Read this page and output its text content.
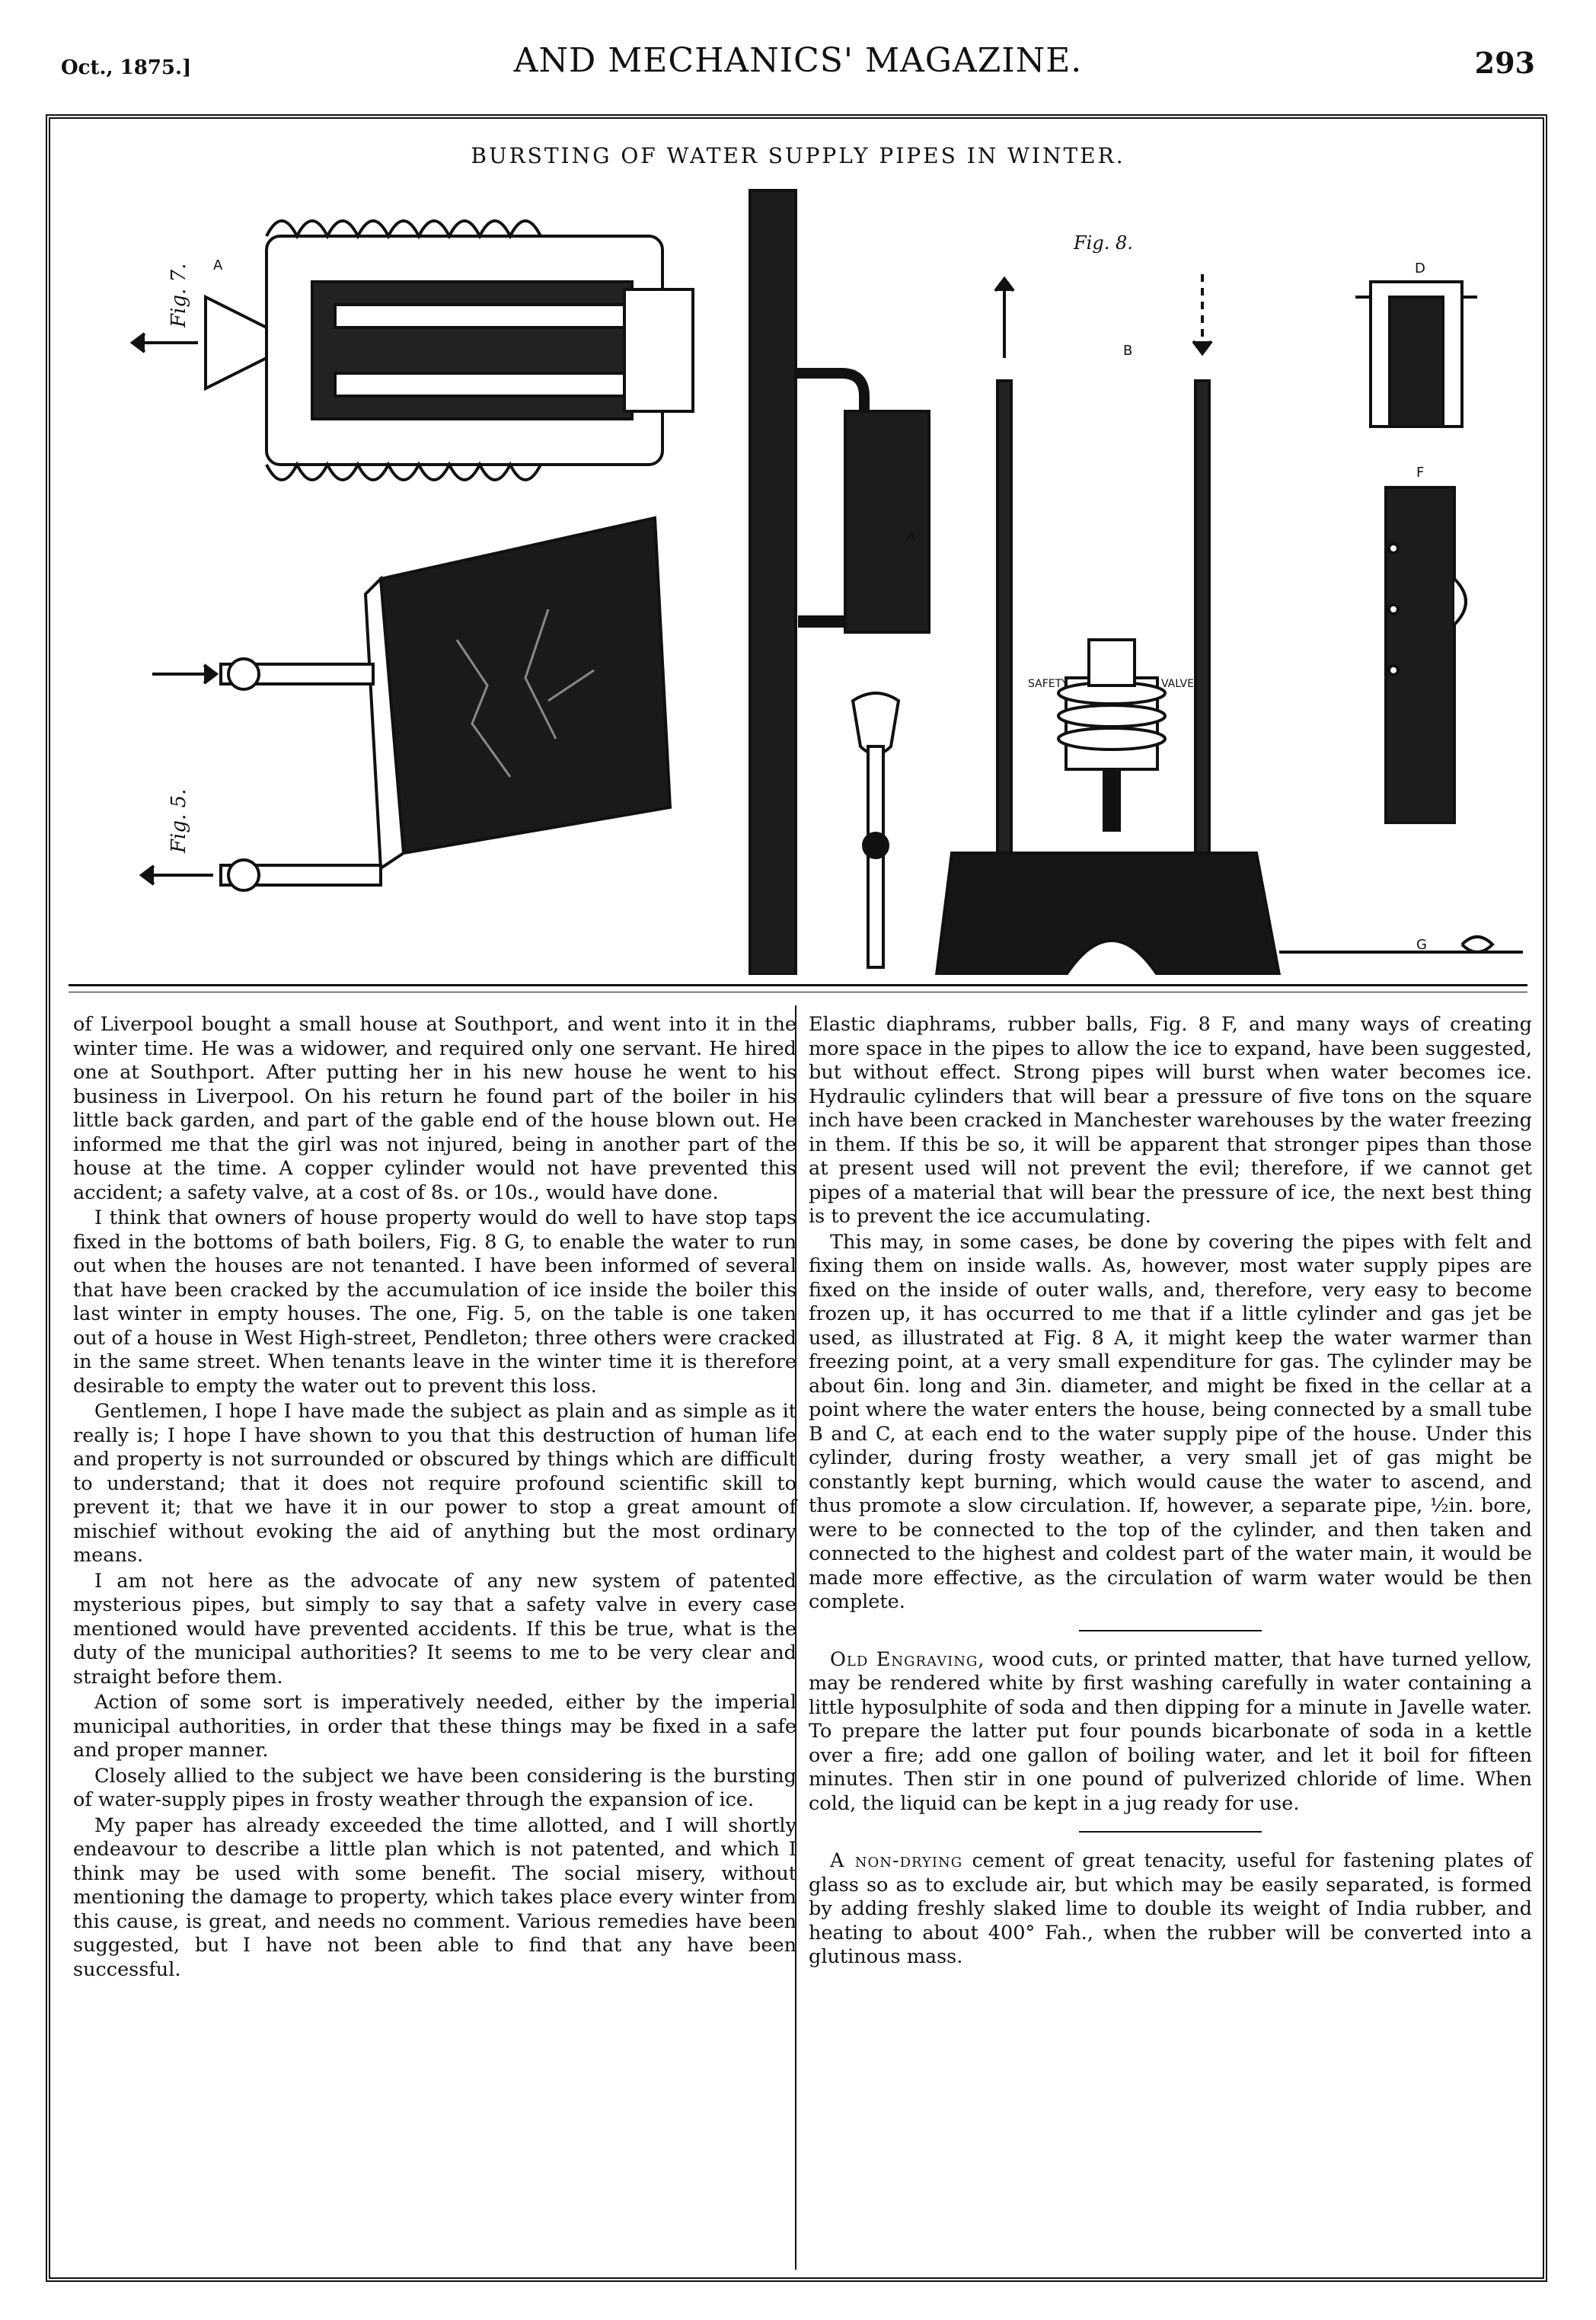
Oct., 1875.]	AND MECHANICS' MAGAZINE.	293
BURSTING OF WATER SUPPLY PIPES IN WINTER.
Fig. 7.
Fig. 5.
Fig. 8.
A
A
B
D
F
G
SAFETY	VALVE

of Liverpool bought a small house at Southport, and went into it in the winter time. He was a widower, and required only one servant. He hired one at Southport. After putting her in his new house he went to his business in Liverpool. On his return he found part of the boiler in his little back garden, and part of the gable end of the house blown out. He informed me that the girl was not injured, being in another part of the house at the time. A copper cylinder would not have prevented this accident; a safety valve, at a cost of 8s. or 10s., would have done.

I think that owners of house property would do well to have stop taps fixed in the bottoms of bath boilers, Fig. 8 G, to enable the water to run out when the houses are not tenanted. I have been informed of several that have been cracked by the accumulation of ice inside the boiler this last winter in empty houses. The one, Fig. 5, on the table is one taken out of a house in West High-street, Pendleton; three others were cracked in the same street. When tenants leave in the winter time it is therefore desirable to empty the water out to prevent this loss.

Gentlemen, I hope I have made the subject as plain and as simple as it really is; I hope I have shown to you that this destruction of human life and property is not surrounded or obscured by things which are difficult to understand; that it does not require profound scientific skill to prevent it; that we have it in our power to stop a great amount of mischief without evoking the aid of anything but the most ordinary means.

I am not here as the advocate of any new system of patented mysterious pipes, but simply to say that a safety valve in every case mentioned would have prevented accidents. If this be true, what is the duty of the municipal authorities? It seems to me to be very clear and straight before them.

Action of some sort is imperatively needed, either by the imperial municipal authorities, in order that these things may be fixed in a safe and proper manner.

Closely allied to the subject we have been considering is the bursting of water-supply pipes in frosty weather through the expansion of ice.

My paper has already exceeded the time allotted, and I will shortly endeavour to describe a little plan which is not patented, and which I think may be used with some benefit. The social misery, without mentioning the damage to property, which takes place every winter from this cause, is great, and needs no comment. Various remedies have been suggested, but I have not been able to find that any have been successful.

Elastic diaphrams, rubber balls, Fig. 8 F, and many ways of creating more space in the pipes to allow the ice to expand, have been suggested, but without effect. Strong pipes will burst when water becomes ice. Hydraulic cylinders that will bear a pressure of five tons on the square inch have been cracked in Manchester warehouses by the water freezing in them. If this be so, it will be apparent that stronger pipes than those at present used will not prevent the evil; therefore, if we cannot get pipes of a material that will bear the pressure of ice, the next best thing is to prevent the ice accumulating.

This may, in some cases, be done by covering the pipes with felt and fixing them on inside walls. As, however, most water supply pipes are fixed on the inside of outer walls, and, therefore, very easy to become frozen up, it has occurred to me that if a little cylinder and gas jet be used, as illustrated at Fig. 8 A, it might keep the water warmer than freezing point, at a very small expenditure for gas. The cylinder may be about 6in. long and 3in. diameter, and might be fixed in the cellar at a point where the water enters the house, being connected by a small tube B and C, at each end to the water supply pipe of the house. Under this cylinder, during frosty weather, a very small jet of gas might be constantly kept burning, which would cause the water to ascend, and thus promote a slow circulation. If, however, a separate pipe, ½in. bore, were to be connected to the top of the cylinder, and then taken and connected to the highest and coldest part of the water main, it would be made more effective, as the circulation of warm water would be then complete.

Old Engraving, wood cuts, or printed matter, that have turned yellow, may be rendered white by first washing carefully in water containing a little hyposulphite of soda and then dipping for a minute in Javelle water. To prepare the latter put four pounds bicarbonate of soda in a kettle over a fire; add one gallon of boiling water, and let it boil for fifteen minutes. Then stir in one pound of pulverized chloride of lime. When cold, the liquid can be kept in a jug ready for use.

A non-drying cement of great tenacity, useful for fastening plates of glass so as to exclude air, but which may be easily separated, is formed by adding freshly slaked lime to double its weight of India rubber, and heating to about 400° Fah., when the rubber will be converted into a glutinous mass.
